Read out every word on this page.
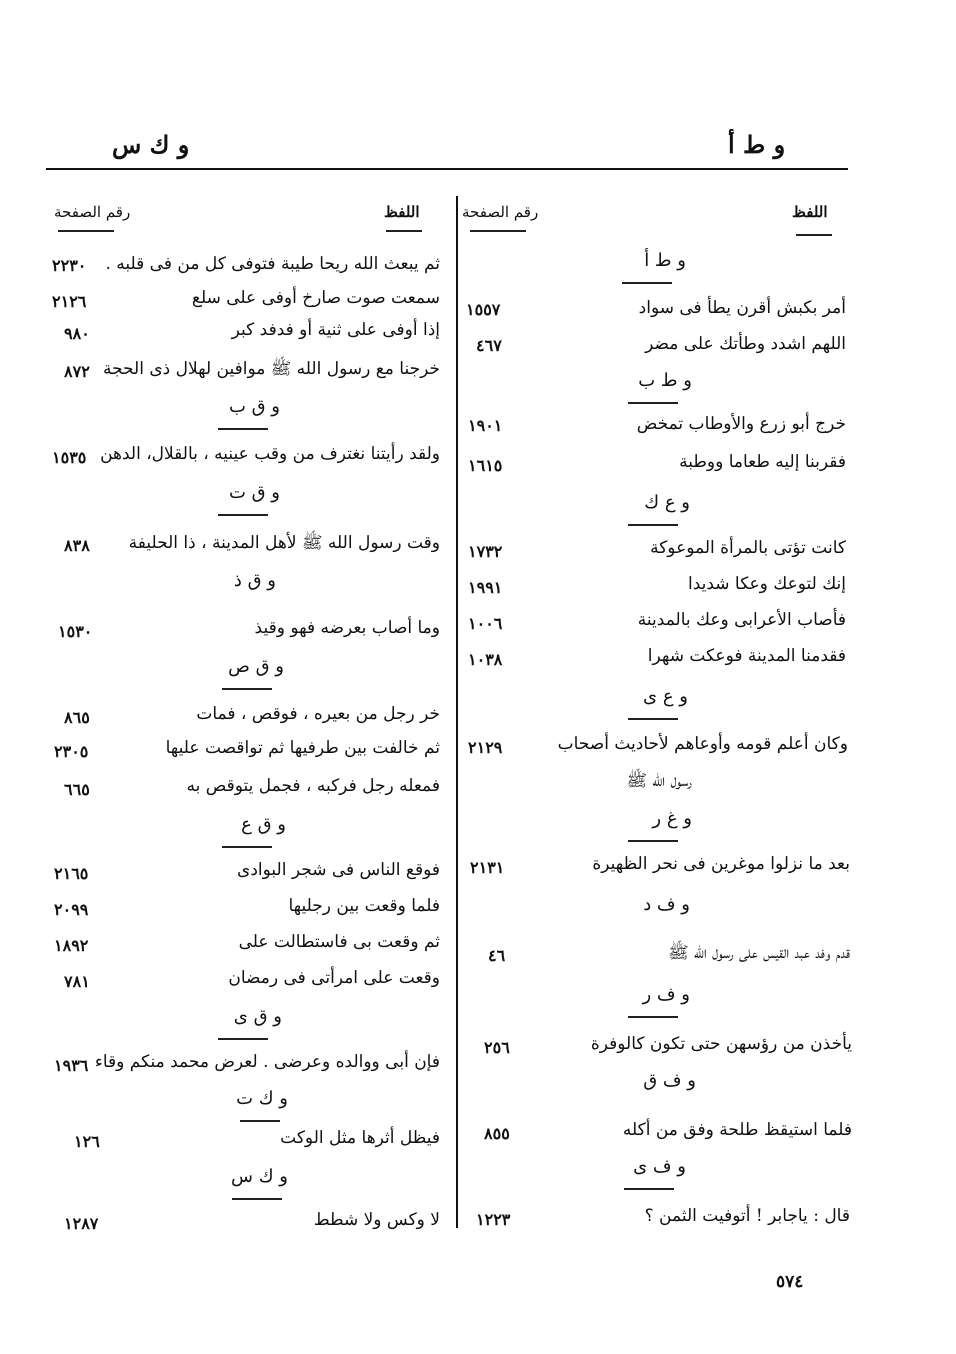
و ط أ
و ك س
اللفظ
رقم الصفحة
اللفظ
رقم الصفحة
و ط أ
أمر بكبش أقرن يطأ فى سواد
١٥٥٧
اللهم اشدد وطأتك على مضر
٤٦٧
و ط ب
خرج أبو زرع والأوطاب تمخض
١٩٠١
فقربنا إليه طعاما ووطبة
١٦١٥
و ع ك
كانت تؤتى بالمرأة الموعوكة
١٧٣٢
إنك لتوعك وعكا شديدا
١٩٩١
فأصاب الأعرابى وعك بالمدينة
١٠٠٦
فقدمنا المدينة فوعكت شهرا
١٠٣٨
و ع ى
وكان أعلم قومه وأوعاهم لأحاديث أصحاب
٢١٢٩
رسول الله ﷺ
و غ ر
بعد ما نزلوا موغرين فى نحر الظهيرة
٢١٣١
و ف د
قدم وفد عبد القيس على رسول الله ﷺ
٤٦
و ف ر
يأخذن من رؤسهن حتى تكون كالوفرة
٢٥٦
و ف ق
فلما استيقظ طلحة وفق من أكله
٨٥٥
و ف ى
قال : ياجابر ! أتوفيت الثمن ؟
١٢٢٣
ثم يبعث الله ريحا طيبة فتوفى كل من فى قلبه .
٢٢٣٠
سمعت صوت صارخ أوفى على سلع
٢١٢٦
إذا أوفى على ثنية أو فدفد كبر
٩٨٠
خرجنا مع رسول الله ﷺ موافين لهلال ذى الحجة
٨٧٢
و ق ب
ولقد رأيتنا نغترف من وقب عينيه ، بالقلال، الدهن
١٥٣٥
و ق ت
وقت رسول الله ﷺ لأهل المدينة ، ذا الحليفة
٨٣٨
و ق ذ
وما أصاب بعرضه فهو وقيذ
١٥٣٠
و ق ص
خر رجل من بعيره ، فوقص ، فمات
٨٦٥
ثم خالفت بين طرفيها ثم تواقصت عليها
٢٣٠٥
فمعله رجل فركبه ، فجمل يتوقص به
٦٦٥
و ق ع
فوقع الناس فى شجر البوادى
٢١٦٥
فلما وقعت بين رجليها
٢٠٩٩
ثم وقعت بى فاستطالت على
١٨٩٢
وقعت على امرأتى فى رمضان
٧٨١
و ق ى
فإن أبى ووالده وعرضى . لعرض محمد منكم وقاء
١٩٣٦
و ك ت
فيظل أثرها مثل الوكت
١٢٦
و ك س
لا وكس ولا شطط
١٢٨٧
٥٧٤
